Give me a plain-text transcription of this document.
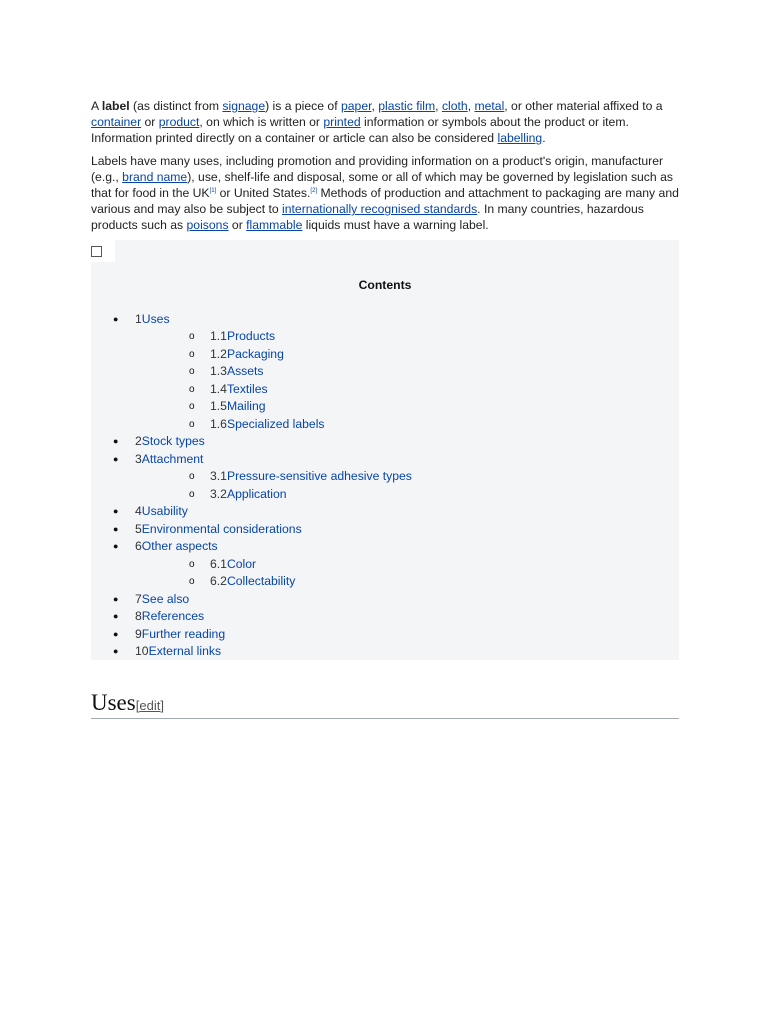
A label (as distinct from signage) is a piece of paper, plastic film, cloth, metal, or other material affixed to a container or product, on which is written or printed information or symbols about the product or item. Information printed directly on a container or article can also be considered labelling.

Labels have many uses, including promotion and providing information on a product's origin, manufacturer (e.g., brand name), use, shelf-life and disposal, some or all of which may be governed by legislation such as that for food in the UK[1] or United States.[2] Methods of production and attachment to packaging are many and various and may also be subject to internationally recognised standards. In many countries, hazardous products such as poisons or flammable liquids must have a warning label.

Contents
● 1Uses
o 1.1Products
o 1.2Packaging
o 1.3Assets
o 1.4Textiles
o 1.5Mailing
o 1.6Specialized labels
● 2Stock types
● 3Attachment
o 3.1Pressure-sensitive adhesive types
o 3.2Application
● 4Usability
● 5Environmental considerations
● 6Other aspects
o 6.1Color
o 6.2Collectability
● 7See also
● 8References
● 9Further reading
● 10External links
Uses[edit]
